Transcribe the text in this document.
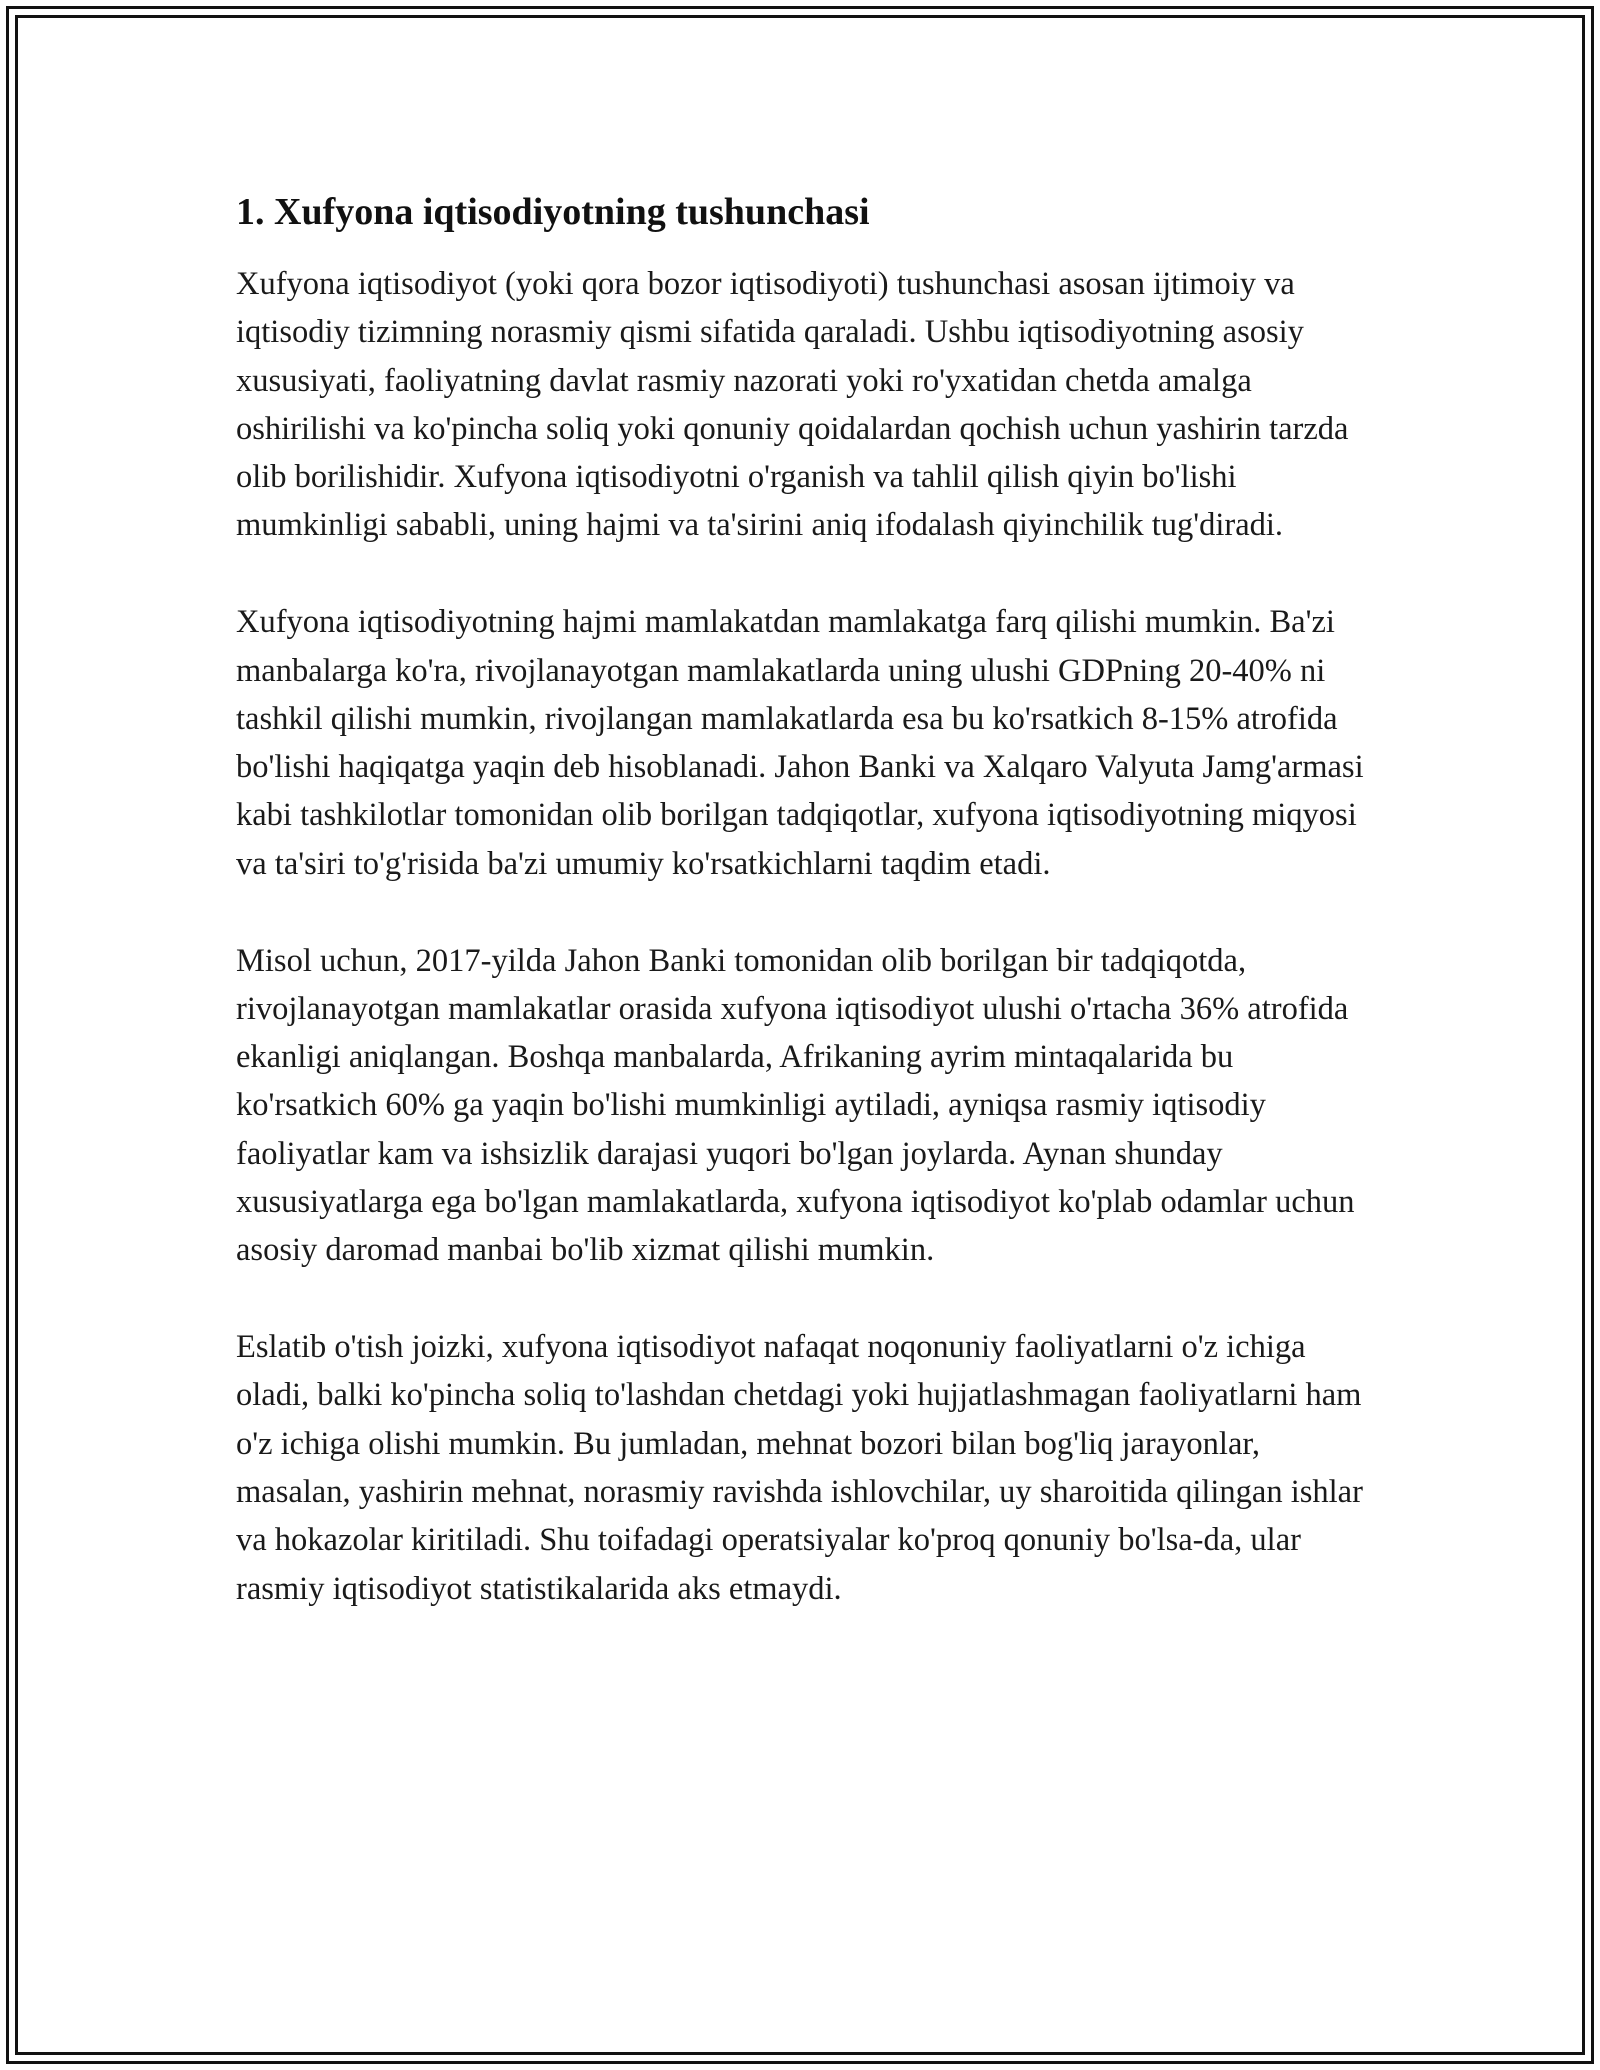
1. Xufyona iqtisodiyotning tushunchasi

Xufyona iqtisodiyot (yoki qora bozor iqtisodiyoti) tushunchasi asosan ijtimoiy va iqtisodiy tizimning norasmiy qismi sifatida qaraladi. Ushbu iqtisodiyotning asosiy xususiyati, faoliyatning davlat rasmiy nazorati yoki ro'yxatidan chetda amalga oshirilishi va ko'pincha soliq yoki qonuniy qoidalardan qochish uchun yashirin tarzda olib borilishidir. Xufyona iqtisodiyotni o'rganish va tahlil qilish qiyin bo'lishi mumkinligi sababli, uning hajmi va ta'sirini aniq ifodalash qiyinchilik tug'diradi.

Xufyona iqtisodiyotning hajmi mamlakatdan mamlakatga farq qilishi mumkin. Ba'zi manbalarga ko'ra, rivojlanayotgan mamlakatlarda uning ulushi GDPning 20-40% ni tashkil qilishi mumkin, rivojlangan mamlakatlarda esa bu ko'rsatkich 8-15% atrofida bo'lishi haqiqatga yaqin deb hisoblanadi. Jahon Banki va Xalqaro Valyuta Jamg'armasi kabi tashkilotlar tomonidan olib borilgan tadqiqotlar, xufyona iqtisodiyotning miqyosi va ta'siri to'g'risida ba'zi umumiy ko'rsatkichlarni taqdim etadi.

Misol uchun, 2017-yilda Jahon Banki tomonidan olib borilgan bir tadqiqotda, rivojlanayotgan mamlakatlar orasida xufyona iqtisodiyot ulushi o'rtacha 36% atrofida ekanligi aniqlangan. Boshqa manbalarda, Afrikaning ayrim mintaqalarida bu ko'rsatkich 60% ga yaqin bo'lishi mumkinligi aytiladi, ayniqsa rasmiy iqtisodiy faoliyatlar kam va ishsizlik darajasi yuqori bo'lgan joylarda. Aynan shunday xususiyatlarga ega bo'lgan mamlakatlarda, xufyona iqtisodiyot ko'plab odamlar uchun asosiy daromad manbai bo'lib xizmat qilishi mumkin.

Eslatib o'tish joizki, xufyona iqtisodiyot nafaqat noqonuniy faoliyatlarni o'z ichiga oladi, balki ko'pincha soliq to'lashdan chetdagi yoki hujjatlashmagan faoliyatlarni ham o'z ichiga olishi mumkin. Bu jumladan, mehnat bozori bilan bog'liq jarayonlar, masalan, yashirin mehnat, norasmiy ravishda ishlovchilar, uy sharoitida qilingan ishlar va hokazolar kiritiladi. Shu toifadagi operatsiyalar ko'proq qonuniy bo'lsa-da, ular rasmiy iqtisodiyot statistikalarida aks etmaydi.
